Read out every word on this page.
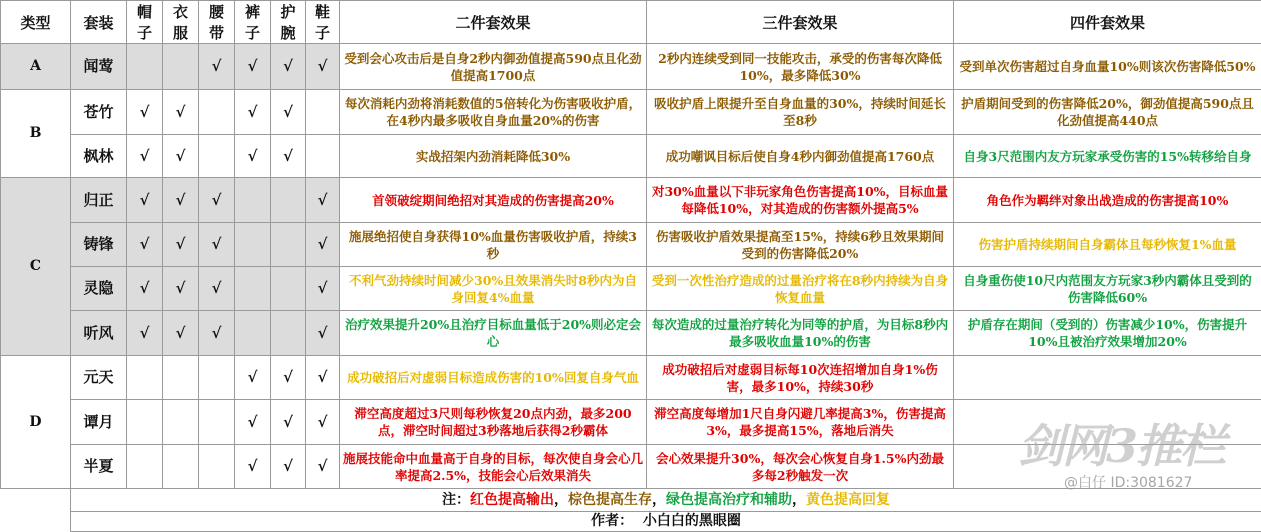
类型	套装	帽子	衣服	腰带	裤子	护腕	鞋子	二件套效果	三件套效果	四件套效果
A	闻莺			√	√	√	√	受到会心攻击后是自身2秒内御劲值提高590点且化劲值提高1700点	2秒内连续受到同一技能攻击，承受的伤害每次降低10%，最多降低30%	受到单次伤害超过自身血量10%则该次伤害降低50%
B	苍竹	√	√		√	√		每次消耗内劲将消耗数值的5倍转化为伤害吸收护盾，在4秒内最多吸收自身血量20%的伤害	吸收护盾上限提升至自身血量的30%，持续时间延长至8秒	护盾期间受到的伤害降低20%，御劲值提高590点且化劲值提高440点
	枫林	√	√		√	√		实战招架内劲消耗降低30%	成功嘲讽目标后使自身4秒内御劲值提高1760点	自身3尺范围内友方玩家承受伤害的15%转移给自身
C	归正	√	√	√			√	首领破绽期间绝招对其造成的伤害提高20%	对30%血量以下非玩家角色伤害提高10%，目标血量每降低10%，对其造成的伤害额外提高5%	角色作为羁绊对象出战造成的伤害提高10%
	铸锋	√	√	√			√	施展绝招使自身获得10%血量伤害吸收护盾，持续3秒	伤害吸收护盾效果提高至15%，持续6秒且效果期间受到的伤害降低20%	伤害护盾持续期间自身霸体且每秒恢复1%血量
	灵隐	√	√	√			√	不利气劲持续时间减少30%且效果消失时8秒内为自身回复4%血量	受到一次性治疗造成的过量治疗将在8秒内持续为自身恢复血量	自身重伤使10尺内范围友方玩家3秒内霸体且受到的伤害降低60%
	听风	√	√	√			√	治疗效果提升20%且治疗目标血量低于20%则必定会心	每次造成的过量治疗转化为同等的护盾，为目标8秒内最多吸收血量10%的伤害	护盾存在期间（受到的）伤害减少10%，伤害提升10%且被治疗效果增加20%
D	元天				√	√	√	成功破招后对虚弱目标造成伤害的10%回复自身气血	成功破招后对虚弱目标每10次连招增加自身1%伤害，最多10%，持续30秒	
	谭月				√	√	√	滞空高度超过3尺则每秒恢复20点内劲，最多200点，滞空时间超过3秒落地后获得2秒霸体	滞空高度每增加1尺自身闪避几率提高3%，伤害提高3%，最多提高15%，落地后消失	
	半夏				√	√	√	施展技能命中血量高于自身的目标，每次使自身会心几率提高2.5%，技能会心后效果消失	会心效果提升30%，每次会心恢复自身1.5%内劲最多每2秒触发一次	
	注：红色提高输出，棕色提高生存，绿色提高治疗和辅助，黄色提高回复									
	作者：  小白白的黑眼圈									
剑网3推栏
@白仔 ID:3081627
